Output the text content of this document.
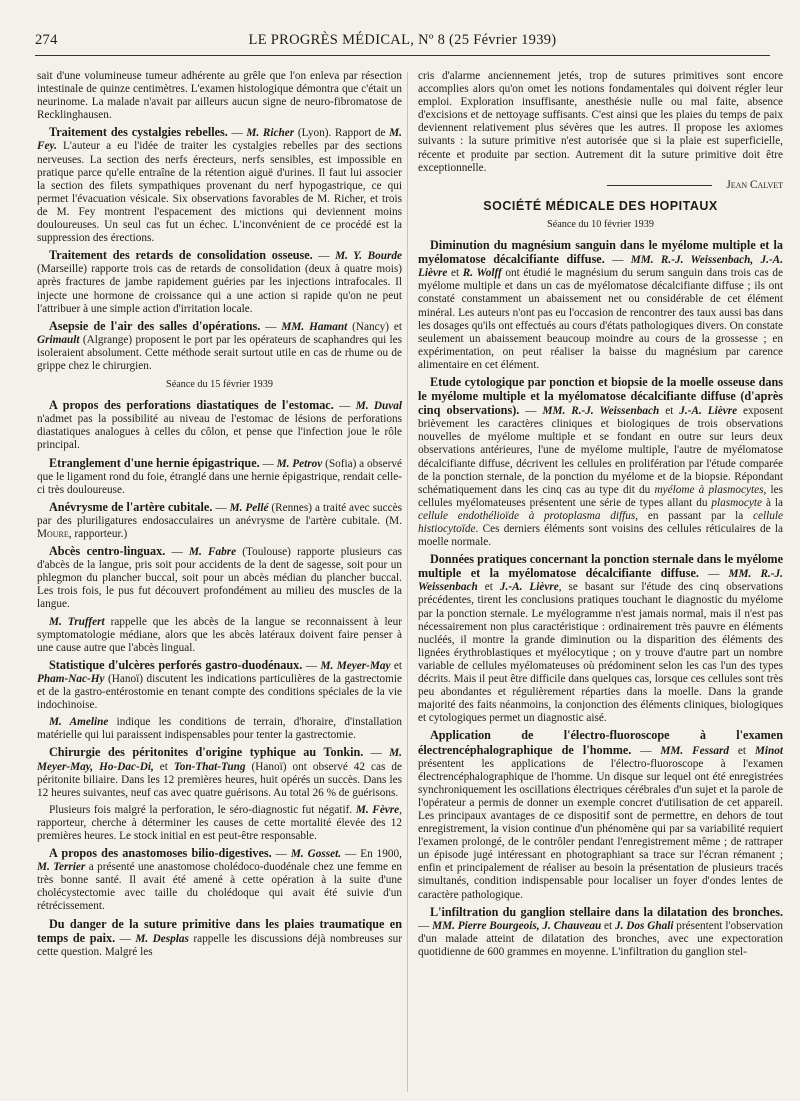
274	LE PROGRÈS MÉDICAL, Nº 8 (25 Février 1939)

sait d'une volumineuse tumeur adhérente au grêle que l'on enleva par résection intestinale de quinze centimètres. L'examen histologique démontra que c'était un neurinome. La malade n'avait par ailleurs aucun signe de neuro-fibromatose de Recklinghausen.

Traitement des cystalgies rebelles. — M. Richer (Lyon). Rapport de M. Fey. L'auteur a eu l'idée de traiter les cystalgies rebelles par des sections nerveuses. La section des nerfs érecteurs, nerfs sensibles, est impossible en pratique parce qu'elle entraîne de la rétention aiguë d'urines. Il faut lui associer la section des filets sympathiques provenant du nerf hypogastrique, ce qui permet l'évacuation vésicale. Six observations favorables de M. Richer, et trois de M. Fey montrent l'espacement des mictions qui deviennent moins douloureuses. Un seul cas fut un échec. L'inconvénient de ce procédé est la suppression des érections.

Traitement des retards de consolidation osseuse. — M. Y. Bourde (Marseille) rapporte trois cas de retards de consolidation (deux à quatre mois) après fractures de jambe rapidement guéries par les injections intrafocales. Il injecte une hormone de croissance qui a une action si rapide qu'on ne peut l'attribuer à une simple action d'irritation locale.

Asepsie de l'air des salles d'opérations. — MM. Hamant (Nancy) et Grimault (Algrange) proposent le port par les opérateurs de scaphandres qui les isoleraient absolument. Cette méthode serait surtout utile en cas de rhume ou de grippe chez le chirurgien.

Séance du 15 février 1939

A propos des perforations diastatiques de l'estomac. — M. Duval n'admet pas la possibilité au niveau de l'estomac de lésions de perforations diastatiques analogues à celles du côlon, et pense que l'infection joue le rôle principal.

Etranglement d'une hernie épigastrique. — M. Petrov (Sofia) a observé que le ligament rond du foie, étranglé dans une hernie épigastrique, rendait celle-ci très douloureuse.

Anévrysme de l'artère cubitale. — M. Pellé (Rennes) a traité avec succès par des pluriligatures endosacculaires un anévrysme de l'artère cubitale. (M. Moure, rapporteur.)

Abcès centro-linguax. — M. Fabre (Toulouse) rapporte plusieurs cas d'abcès de la langue, pris soit pour accidents de la dent de sagesse, soit pour un phlegmon du plancher buccal, soit pour un abcès médian du plancher buccal. Les trois fois, le pus fut découvert profondément au milieu des muscles de la langue.

M. Truffert rappelle que les abcès de la langue se reconnaissent à leur symptomatologie médiane, alors que les abcès latéraux doivent faire penser à une cause autre que l'abcès lingual.

Statistique d'ulcères perforés gastro-duodénaux. — M. Meyer-May et Pham-Nac-Hy (Hanoï) discutent les indications particulières de la gastrectomie et de la gastro-entérostomie en tenant compte des conditions spéciales de la vie indochinoise.

M. Ameline indique les conditions de terrain, d'horaire, d'installation matérielle qui lui paraissent indispensables pour tenter la gastrectomie.

Chirurgie des péritonites d'origine typhique au Tonkin. — M. Meyer-May, Ho-Dac-Di, et Ton-That-Tung (Hanoï) ont observé 42 cas de péritonite biliaire. Dans les 12 premières heures, huit opérés un succès. Dans les 12 heures suivantes, neuf cas avec quatre guérisons. Au total 26 % de guérisons.

Plusieurs fois malgré la perforation, le séro-diagnostic fut négatif. M. Fèvre, rapporteur, cherche à déterminer les causes de cette mortalité élevée des 12 premières heures. Le stock initial en est peut-être responsable.

A propos des anastomoses bilio-digestives. — M. Gosset. — En 1900, M. Terrier a présenté une anastomose cholédoco-duodénale chez une femme en très bonne santé. Il avait été amené à cette opération à la suite d'une cholécystectomie avec taille du cholédoque qui avait été suivie d'un rétrécissement.

Du danger de la suture primitive dans les plaies traumatique en temps de paix. — M. Desplas rappelle les discussions déjà nombreuses sur cette question. Malgré les

cris d'alarme anciennement jetés, trop de sutures primitives sont encore accomplies alors qu'on omet les notions fondamentales qui doivent régler leur emploi. Exploration insuffisante, anesthésie nulle ou mal faite, absence d'excisions et de nettoyage suffisants. C'est ainsi que les plaies du temps de paix deviennent relativement plus sévères que les autres. Il propose les axiomes suivants : la suture primitive n'est autorisée que si la plaie est superficielle, récente et produite par section. Autrement dit la suture primitive doit être exceptionnelle.

Jean Calvet
SOCIÉTÉ MÉDICALE DES HOPITAUX
Séance du 10 février 1939

Diminution du magnésium sanguin dans le myélome multiple et la myélomatose décalcifiante diffuse. — MM. R.-J. Weissenbach, J.-A. Lièvre et R. Wolff ont étudié le magnésium du serum sanguin dans trois cas de myélome multiple et dans un cas de myélomatose décalcifiante diffuse ; ils ont constaté constamment un abaissement net ou considérable de cet élément minéral. Les auteurs n'ont pas eu l'occasion de rencontrer des taux aussi bas dans les dosages qu'ils ont effectués au cours d'états pathologiques divers. On constate seulement un abaissement beaucoup moindre au cours de la grossesse ; en expérimentation, on peut réaliser la baisse du magnésium par carence alimentaire en cet élément.

Etude cytologique par ponction et biopsie de la moelle osseuse dans le myélome multiple et la myélomatose décalcifiante diffuse (d'après cinq observations). — MM. R.-J. Weissenbach et J.-A. Lièvre exposent brièvement les caractères cliniques et biologiques de trois observations nouvelles de myélome multiple et se fondant en outre sur leurs deux observations antérieures, l'une de myélome multiple, l'autre de myélomatose décalcifiante diffuse, décrivent les cellules en prolifération par l'étude comparée de la ponction sternale, de la ponction du myélome et de la biopsie. Répondant schématiquement dans les cinq cas au type dit du myélome à plasmocytes, les cellules myélomateuses présentent une série de types allant du plasmocyte à la cellule endothélioïde à protoplasma diffus, en passant par la cellule histiocytoïde. Ces derniers éléments sont voisins des cellules réticulaires de la moelle normale.

Données pratiques concernant la ponction sternale dans le myélome multiple et la myélomatose décalcifiante diffuse. — MM. R.-J. Weissenbach et J.-A. Lièvre, se basant sur l'étude des cinq observations précédentes, tirent les conclusions pratiques touchant le diagnostic du myélome par la ponction sternale. Le myélogramme n'est jamais normal, mais il n'est pas nécessairement non plus caractéristique : ordinairement très pauvre en éléments nucléés, il montre la grande diminution ou la disparition des éléments des lignées érythroblastiques et myélocytique ; on y trouve d'autre part un nombre variable de cellules myélomateuses où prédominent selon les cas l'un des types décrits. Mais il peut être difficile dans quelques cas, lorsque ces cellules sont très peu abondantes et régulièrement réparties dans la moelle. Dans la grande majorité des faits néanmoins, la conjonction des éléments cliniques, biologiques et cytologiques permet un diagnostic aisé.

Application de l'électro-fluoroscope à l'examen électrencéphalographique de l'homme. — MM. Fessard et Minot présentent les applications de l'électro-fluoroscope à l'examen électrencéphalographique de l'homme. Un disque sur lequel ont été enregistrées synchroniquement les oscillations électriques cérébrales d'un sujet et la parole de l'opérateur a permis de donner un exemple concret d'utilisation de cet appareil. Les principaux avantages de ce dispositif sont de permettre, en dehors de tout enregistrement, la vision continue d'un phénomène qui par sa variabilité requiert l'examen prolongé, de le contrôler pendant l'enregistrement même ; de rattraper un épisode jugé intéressant en photographiant sa trace sur l'écran rémanent ; enfin et principalement de réaliser au besoin la présentation de plusieurs tracés simultanés, condition indispensable pour localiser un foyer d'ondes lentes de caractère pathologique.

L'infiltration du ganglion stellaire dans la dilatation des bronches. — MM. Pierre Bourgeois, J. Chauveau et J. Dos Ghali présentent l'observation d'un malade atteint de dilatation des bronches, avec une expectoration quotidienne de 600 grammes en moyenne. L'infiltration du ganglion stel-
